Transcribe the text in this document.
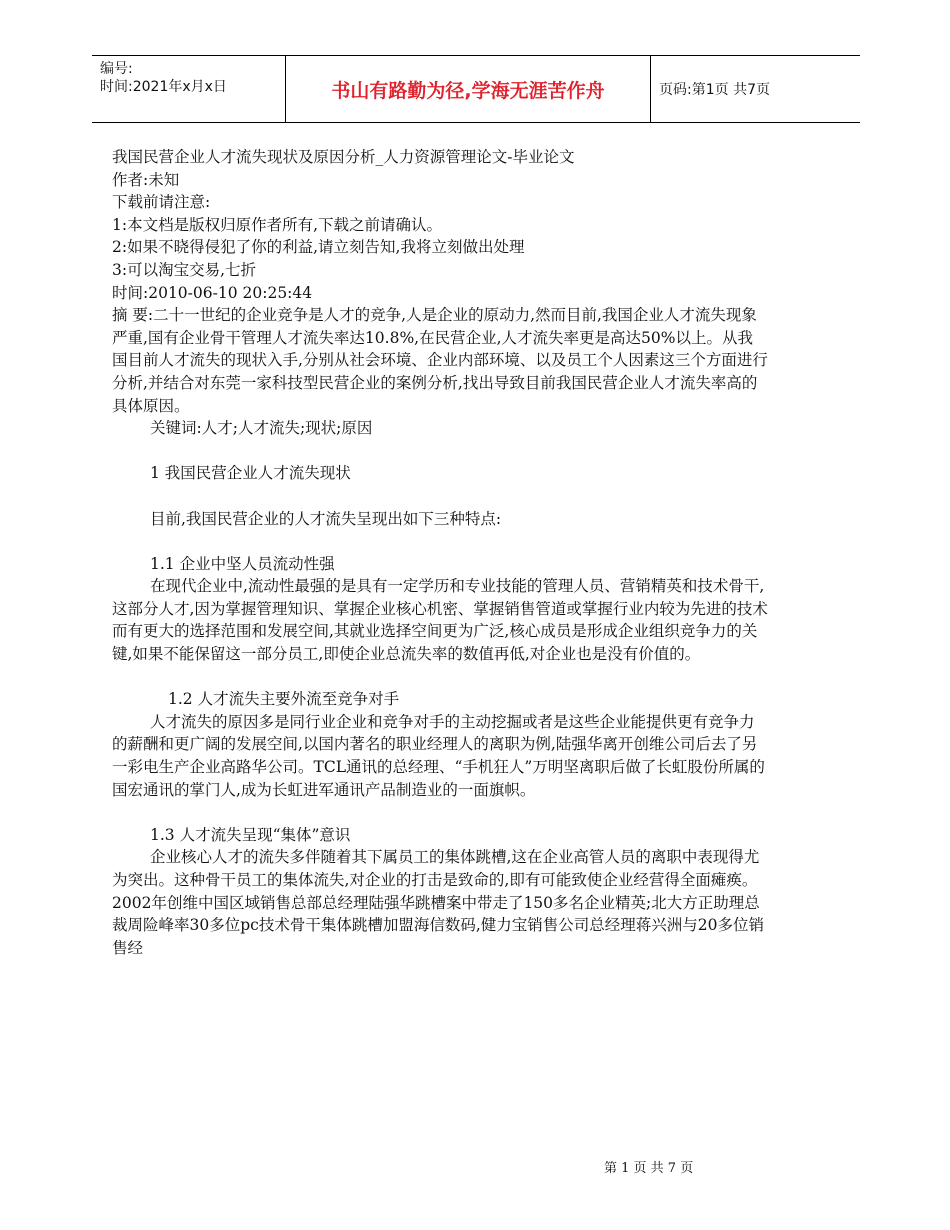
编号:
时间:2021年x月x日	书山有路勤为径,学海无涯苦作舟	页码:第1页 共7页

我国民营企业人才流失现状及原因分析_人力资源管理论文-毕业论文

作者:未知

下载前请注意:

1:本文档是版权归原作者所有,下载之前请确认。

2:如果不晓得侵犯了你的利益,请立刻告知,我将立刻做出处理

3:可以淘宝交易,七折

时间:2010-06-10 20:25:44

摘 要:二十一世纪的企业竞争是人才的竞争,人是企业的原动力,然而目前,我国企业人才流失现象严重,国有企业骨干管理人才流失率达10.8%,在民营企业,人才流失率更是高达50%以上。从我国目前人才流失的现状入手,分别从社会环境、企业内部环境、以及员工个人因素这三个方面进行分析,并结合对东莞一家科技型民营企业的案例分析,找出导致目前我国民营企业人才流失率高的具体原因。

关键词:人才;人才流失;现状;原因

1 我国民营企业人才流失现状

目前,我国民营企业的人才流失呈现出如下三种特点:

1.1 企业中坚人员流动性强

在现代企业中,流动性最强的是具有一定学历和专业技能的管理人员、营销精英和技术骨干,这部分人才,因为掌握管理知识、掌握企业核心机密、掌握销售管道或掌握行业内较为先进的技术而有更大的选择范围和发展空间,其就业选择空间更为广泛,核心成员是形成企业组织竞争力的关键,如果不能保留这一部分员工,即使企业总流失率的数值再低,对企业也是没有价值的。

1.2 人才流失主要外流至竞争对手

人才流失的原因多是同行业企业和竞争对手的主动挖掘或者是这些企业能提供更有竞争力的薪酬和更广阔的发展空间,以国内著名的职业经理人的离职为例,陆强华离开创维公司后去了另一彩电生产企业高路华公司。TCL通讯的总经理、“手机狂人”万明坚离职后做了长虹股份所属的国宏通讯的掌门人,成为长虹进军通讯产品制造业的一面旗帜。

1.3 人才流失呈现“集体”意识

企业核心人才的流失多伴随着其下属员工的集体跳槽,这在企业高管人员的离职中表现得尤为突出。这种骨干员工的集体流失,对企业的打击是致命的,即有可能致使企业经营得全面瘫痪。2002年创维中国区域销售总部总经理陆强华跳槽案中带走了150多名企业精英;北大方正助理总裁周险峰率30多位pc技术骨干集体跳槽加盟海信数码,健力宝销售公司总经理蒋兴洲与20多位销售经

第 1 页 共 7 页
